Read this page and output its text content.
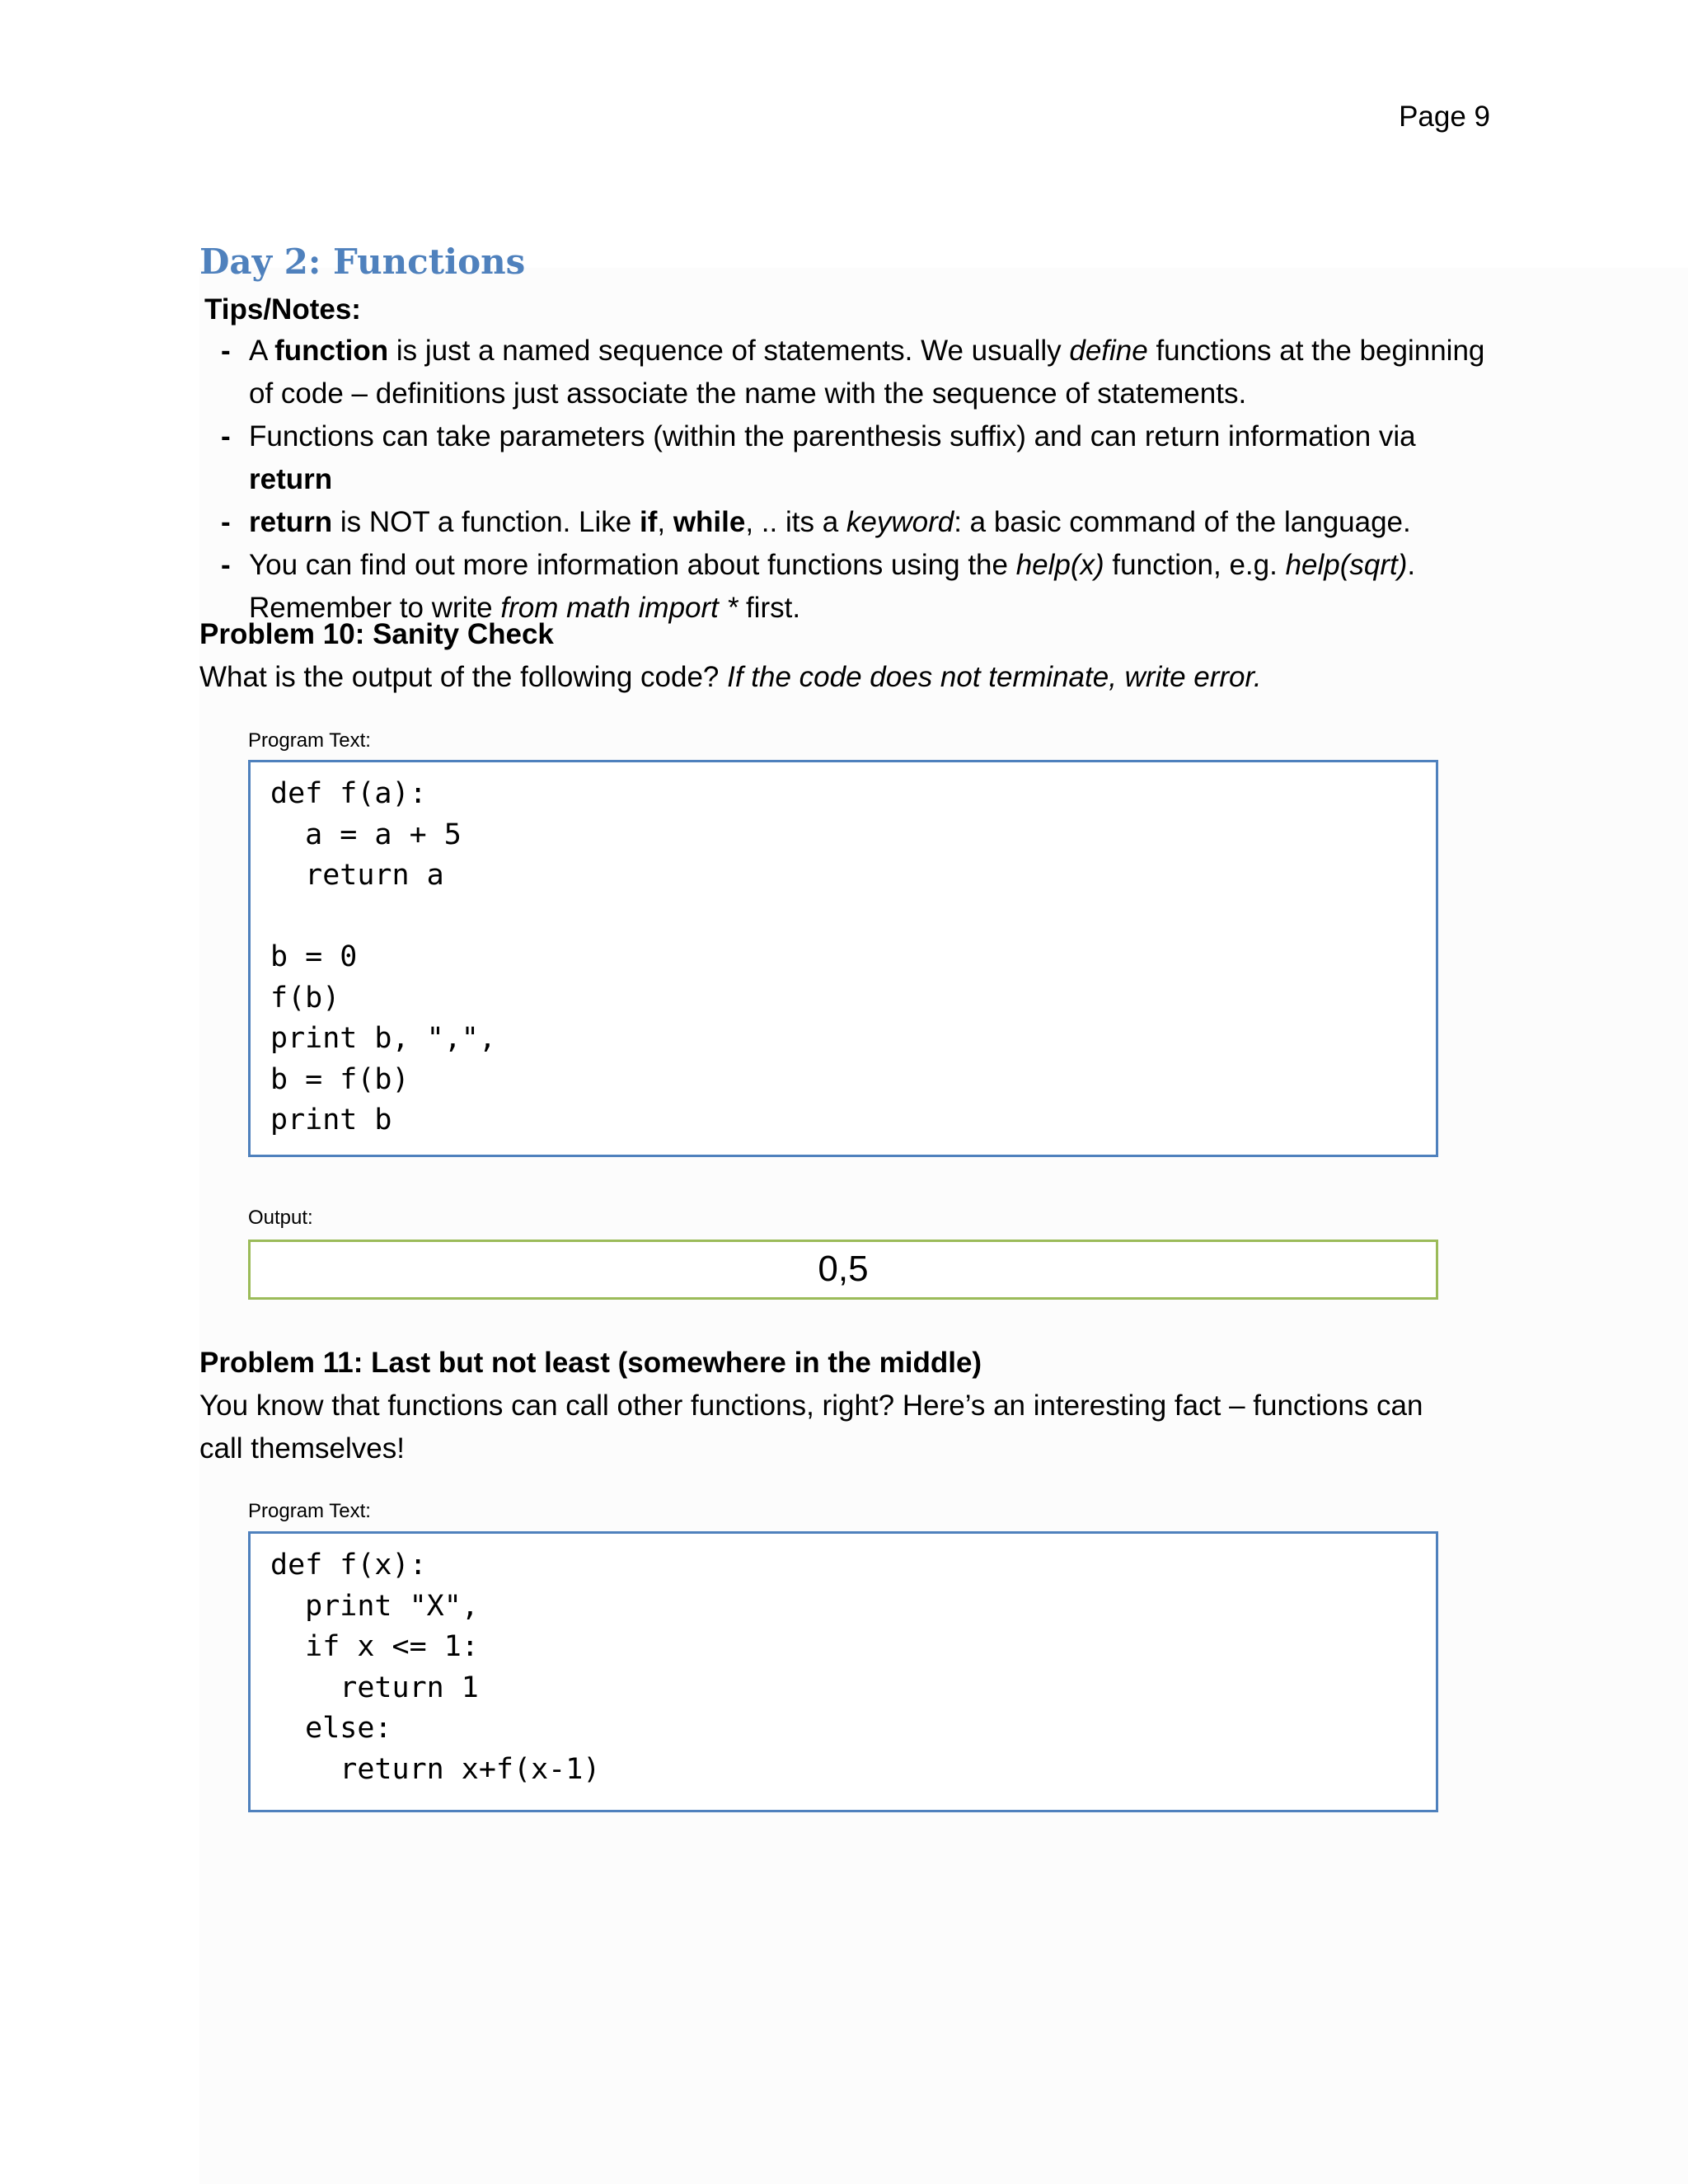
Page 9
Day 2: Functions
Tips/Notes:
- A function is just a named sequence of statements. We usually define functions at the beginning of code – definitions just associate the name with the sequence of statements.
- Functions can take parameters (within the parenthesis suffix) and can return information via return
- return is NOT a function. Like if, while, .. its a keyword: a basic command of the language.
- You can find out more information about functions using the help(x) function, e.g. help(sqrt). Remember to write from math import * first.
Problem 10: Sanity Check

What is the output of the following code? If the code does not terminate, write error.

Program Text:
def f(a):
a = a + 5
return a
b = 0
f(b)
print b, ",",
b = f(b)
print b
Output:
0,5
Problem 11: Last but not least (somewhere in the middle)

You know that functions can call other functions, right? Here’s an interesting fact – functions can call themselves!

Program Text:
def f(x):
print "X",
if x <= 1:
return 1
else:
return x+f(x-1)
